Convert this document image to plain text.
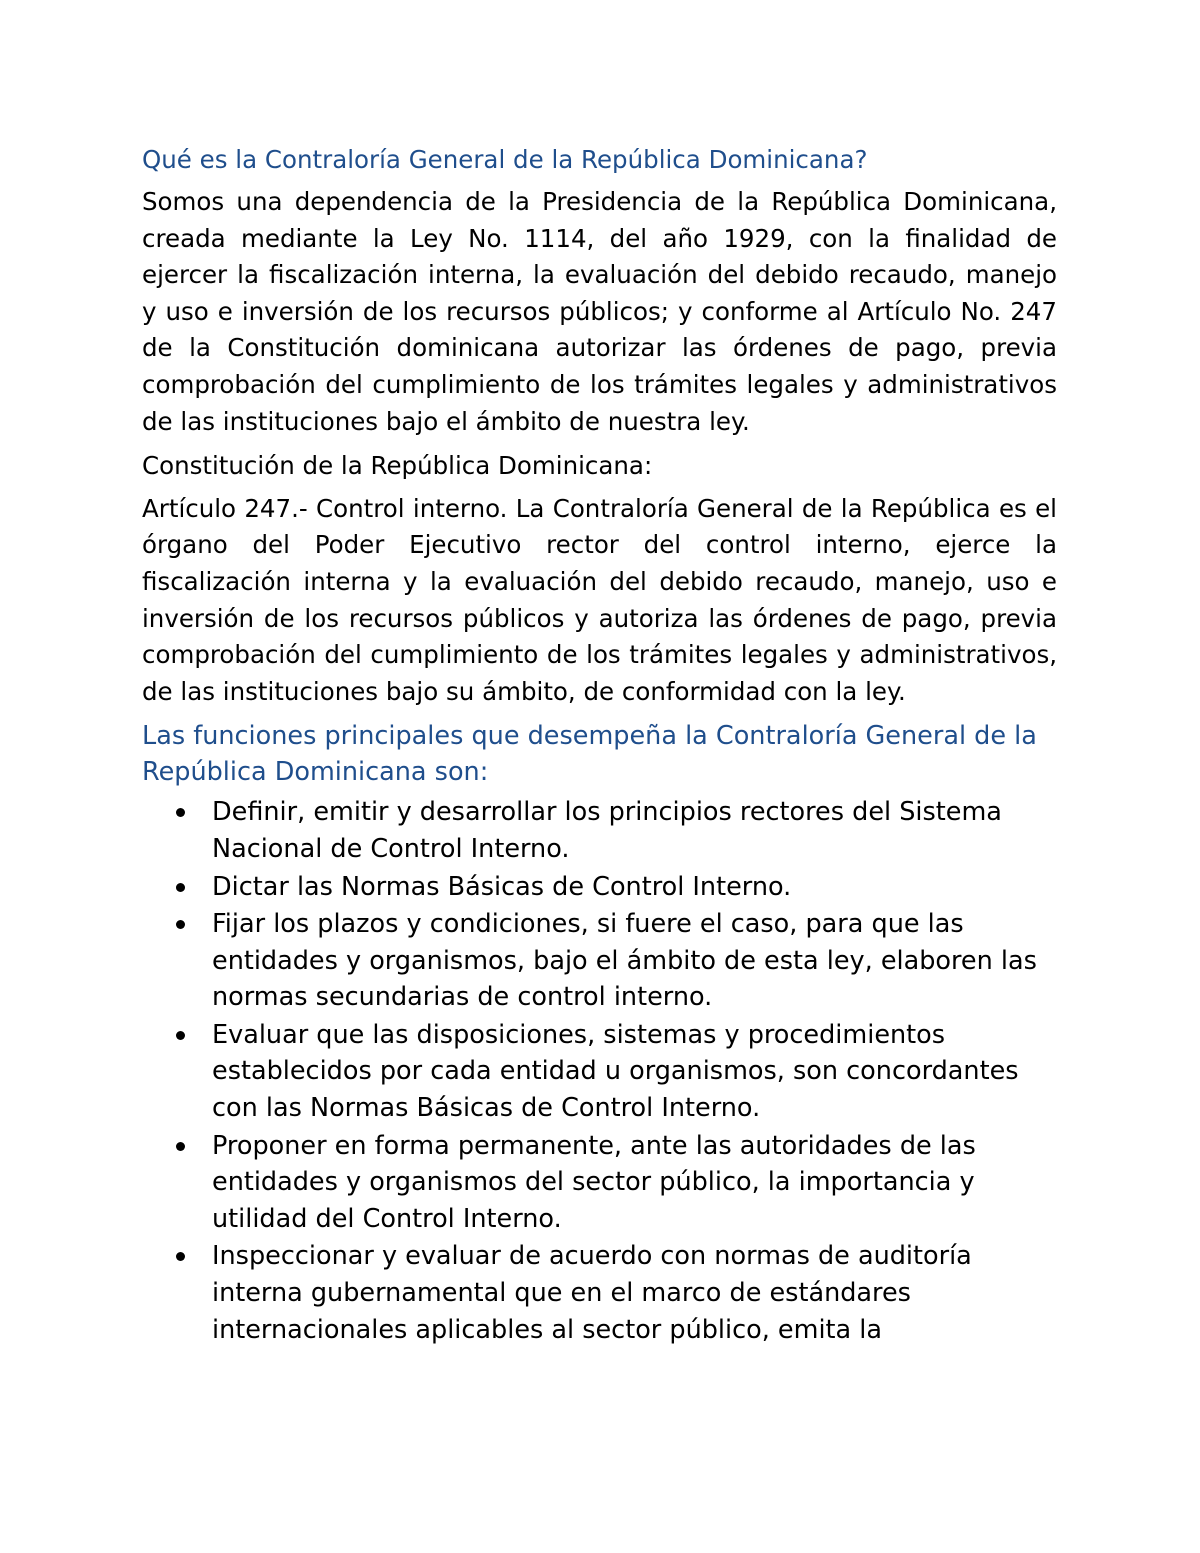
Qué es la Contraloría General de la República Dominicana?

Somos una dependencia de la Presidencia de la República Dominicana, creada mediante la Ley No. 1114, del año 1929, con la finalidad de ejercer la fiscalización interna, la evaluación del debido recaudo, manejo y uso e inversión de los recursos públicos; y conforme al Artículo No. 247 de la Constitución dominicana autorizar las órdenes de pago, previa comprobación del cumplimiento de los trámites legales y administrativos de las instituciones bajo el ámbito de nuestra ley.

Constitución de la República Dominicana:

Artículo 247.- Control interno. La Contraloría General de la República es el órgano del Poder Ejecutivo rector del control interno, ejerce la fiscalización interna y la evaluación del debido recaudo, manejo, uso e inversión de los recursos públicos y autoriza las órdenes de pago, previa comprobación del cumplimiento de los trámites legales y administrativos, de las instituciones bajo su ámbito, de conformidad con la ley.

Las funciones principales que desempeña la Contraloría General de la República Dominicana son:
Definir, emitir y desarrollar los principios rectores del Sistema Nacional de Control Interno.
Dictar las Normas Básicas de Control Interno.
Fijar los plazos y condiciones, si fuere el caso, para que las entidades y organismos, bajo el ámbito de esta ley, elaboren las normas secundarias de control interno.
Evaluar que las disposiciones, sistemas y procedimientos establecidos por cada entidad u organismos, son concordantes con las Normas Básicas de Control Interno.
Proponer en forma permanente, ante las autoridades de las entidades y organismos del sector público, la importancia y utilidad del Control Interno.
Inspeccionar y evaluar de acuerdo con normas de auditoría interna gubernamental que en el marco de estándares internacionales aplicables al sector público, emita la
